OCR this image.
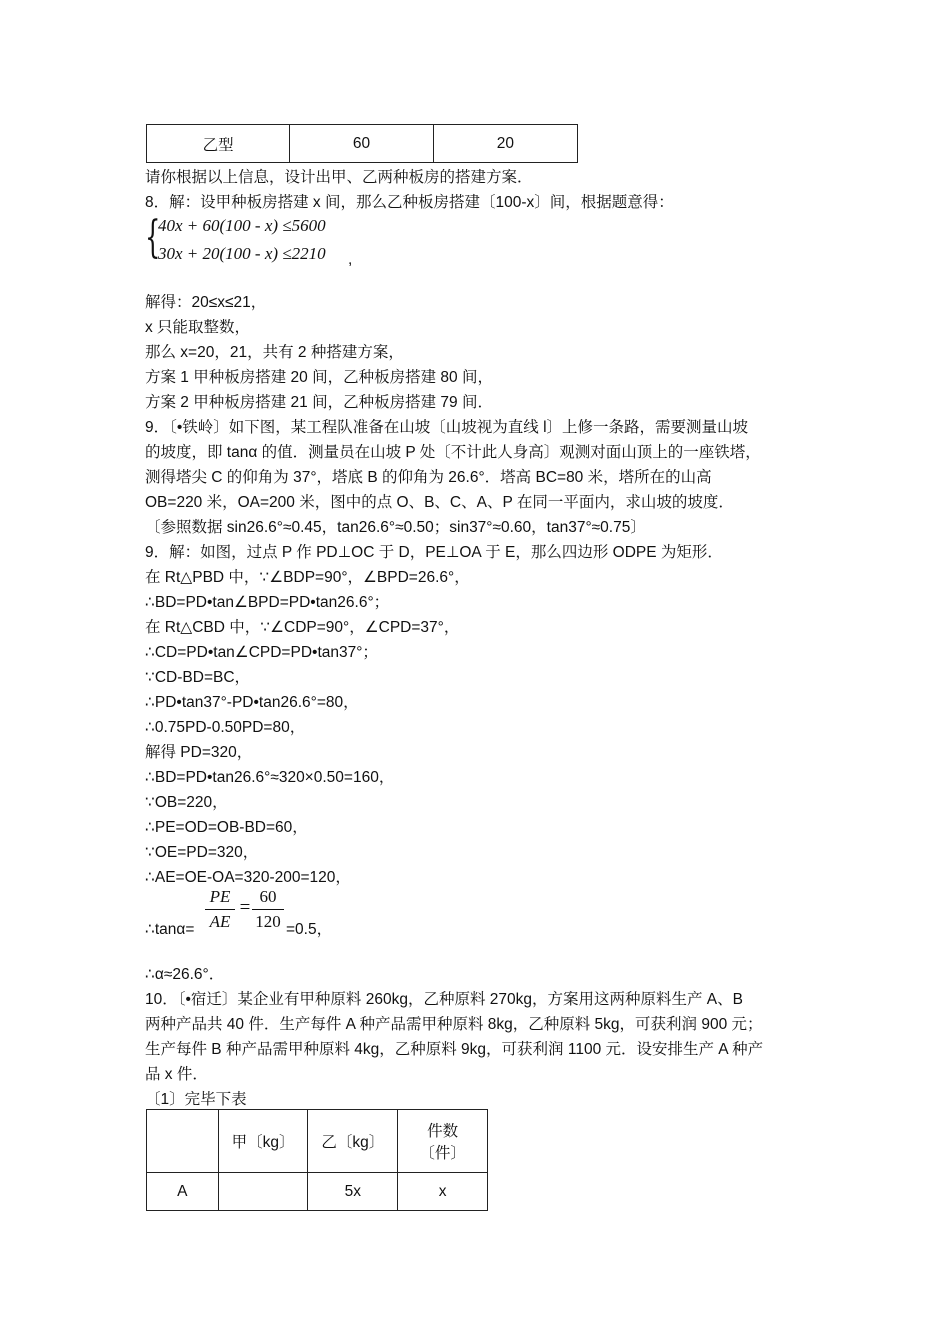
乙型	60	20
请你根据以上信息，设计出甲、乙两种板房的搭建方案．
8．解：设甲种板房搭建 x 间，那么乙种板房搭建〔100-x〕间，根据题意得：
{
40x + 60(100 - x) ≤5600
30x + 20(100 - x) ≤2210 ,
解得：20≤x≤21，
x 只能取整数，
那么 x=20，21，共有 2 种搭建方案，
方案 1 甲种板房搭建 20 间，乙种板房搭建 80 间，
方案 2 甲种板房搭建 21 间，乙种板房搭建 79 间．
9．〔•铁岭〕如下图，某工程队准备在山坡〔山坡视为直线 l〕上修一条路，需要测量山坡
的坡度，即 tanα 的值．测量员在山坡 P 处〔不计此人身高〕观测对面山顶上的一座铁塔，
测得塔尖 C 的仰角为 37°，塔底 B 的仰角为 26.6°．塔高 BC=80 米，塔所在的山高
OB=220 米，OA=200 米，图中的点 O、B、C、A、P 在同一平面内，求山坡的坡度．
〔参照数据 sin26.6°≈0.45，tan26.6°≈0.50；sin37°≈0.60，tan37°≈0.75〕
9．解：如图，过点 P 作 PD⊥OC 于 D，PE⊥OA 于 E，那么四边形 ODPE 为矩形．
在 Rt△PBD 中，∵∠BDP=90°，∠BPD=26.6°，
∴BD=PD•tan∠BPD=PD•tan26.6°；
在 Rt△CBD 中，∵∠CDP=90°，∠CPD=37°，
∴CD=PD•tan∠CPD=PD•tan37°；
∵CD-BD=BC，
∴PD•tan37°-PD•tan26.6°=80，
∴0.75PD-0.50PD=80，
解得 PD=320，
∴BD=PD•tan26.6°≈320×0.50=160，
∵OB=220，
∴PE=OD=OB-BD=60，
∵OE=PD=320，
∴AE=OE-OA=320-200=120，
∴tanα=
PE
AE
=
60
120 =0.5，
∴α≈26.6°．
10．〔•宿迁〕某企业有甲种原料 260kg，乙种原料 270kg，方案用这两种原料生产 A、B
两种产品共 40 件．生产每件 A 种产品需甲种原料 8kg，乙种原料 5kg，可获利润 900 元；
生产每件 B 种产品需甲种原料 4kg，乙种原料 9kg，可获利润 1100 元．设安排生产 A 种产
品 x 件．
〔1〕完毕下表
	甲〔kg〕	乙〔kg〕	件数
〔件〕

A		5x	x
